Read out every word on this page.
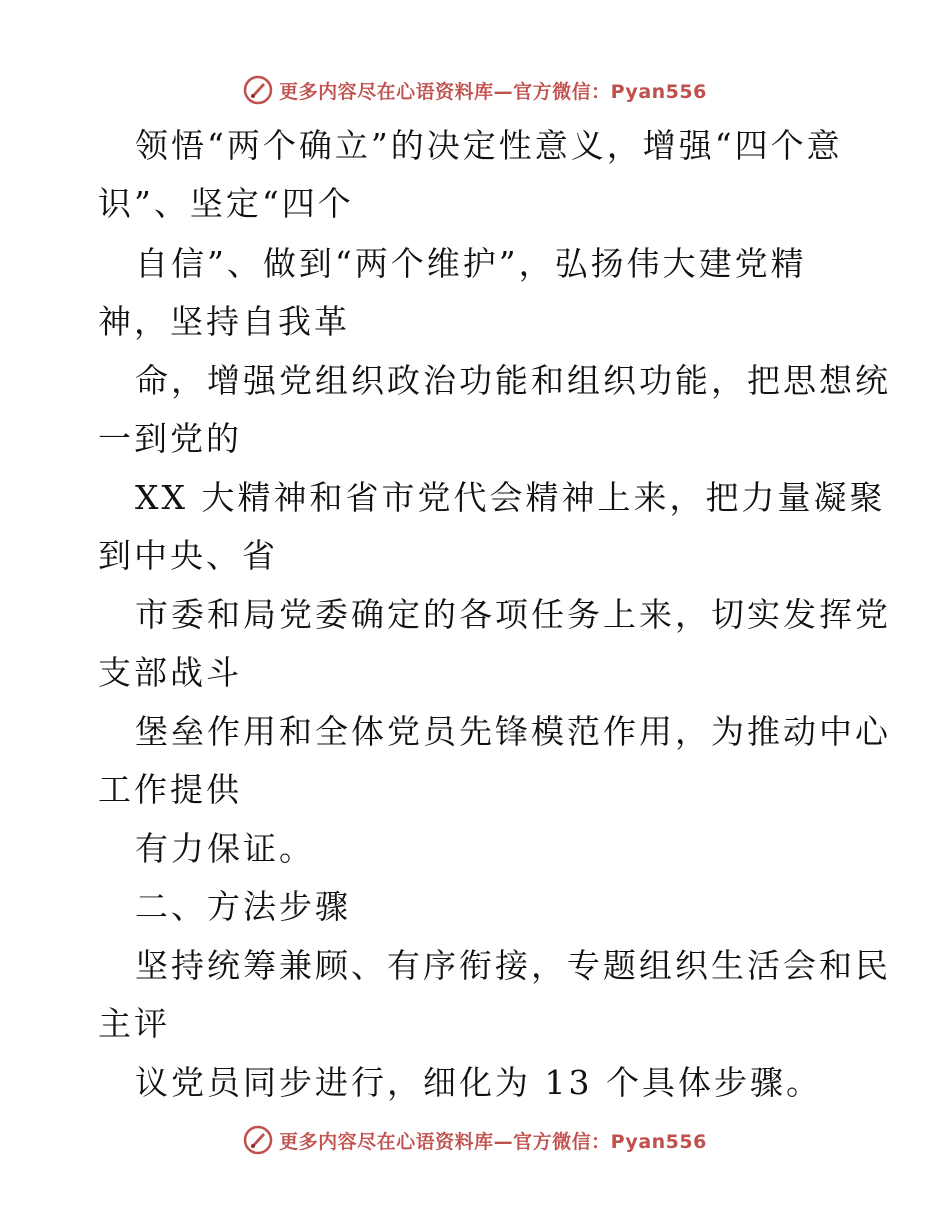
更多内容尽在心语资料库—官方微信：Pyan556
领悟“两个确立”的决定性意义，增强“四个意
识”、坚定“四个
自信”、做到“两个维护”，弘扬伟大建党精
神，坚持自我革
命，增强党组织政治功能和组织功能，把思想统
一到党的
XX 大精神和省市党代会精神上来，把力量凝聚
到中央、省
市委和局党委确定的各项任务上来，切实发挥党
支部战斗
堡垒作用和全体党员先锋模范作用，为推动中心
工作提供
有力保证。
二、方法步骤
坚持统筹兼顾、有序衔接，专题组织生活会和民
主评
议党员同步进行，细化为 13 个具体步骤。
更多内容尽在心语资料库—官方微信：Pyan556
